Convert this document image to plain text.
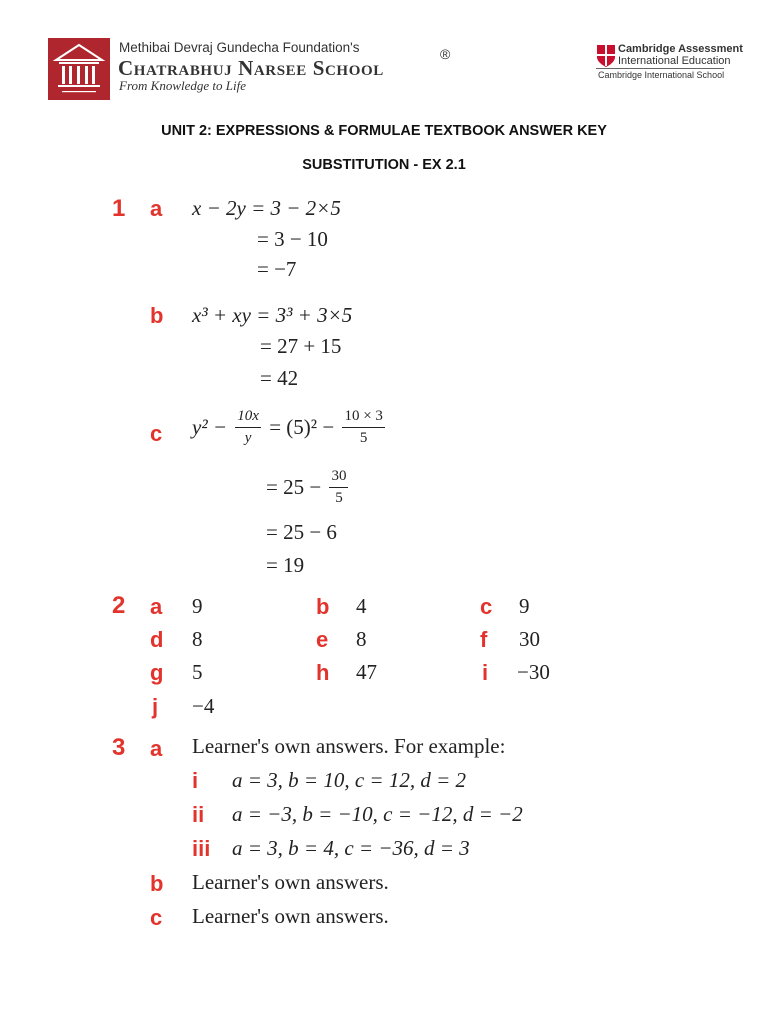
Methibai Devraj Gundecha Foundation's
Chatrabhuj Narsee School
®
From Knowledge to Life
Cambridge Assessment
International Education
Cambridge International School
UNIT 2: EXPRESSIONS & FORMULAE TEXTBOOK ANSWER KEY
SUBSTITUTION - EX 2.1
1 a x − 2y = 3 − 2×5
= 3 − 10
= −7
b x³ + xy = 3³ + 3×5
= 27 + 15
= 42
c $y^2 - \frac{10x}{y} = (5)^2 - \frac{10 \times 3}{5}$
= $25 - \frac{30}{5}$
= 25 − 6
= 19
2 a 9	b 4	c 9
d 8	e 8	f 30
g 5	h 47	i −30
j −4
3 a Learner's own answers. For example:
i a = 3, b = 10, c = 12, d = 2
ii a = −3, b = −10, c = −12, d = −2
iii a = 3, b = 4, c = −36, d = 3
b Learner's own answers.
c Learner's own answers.
